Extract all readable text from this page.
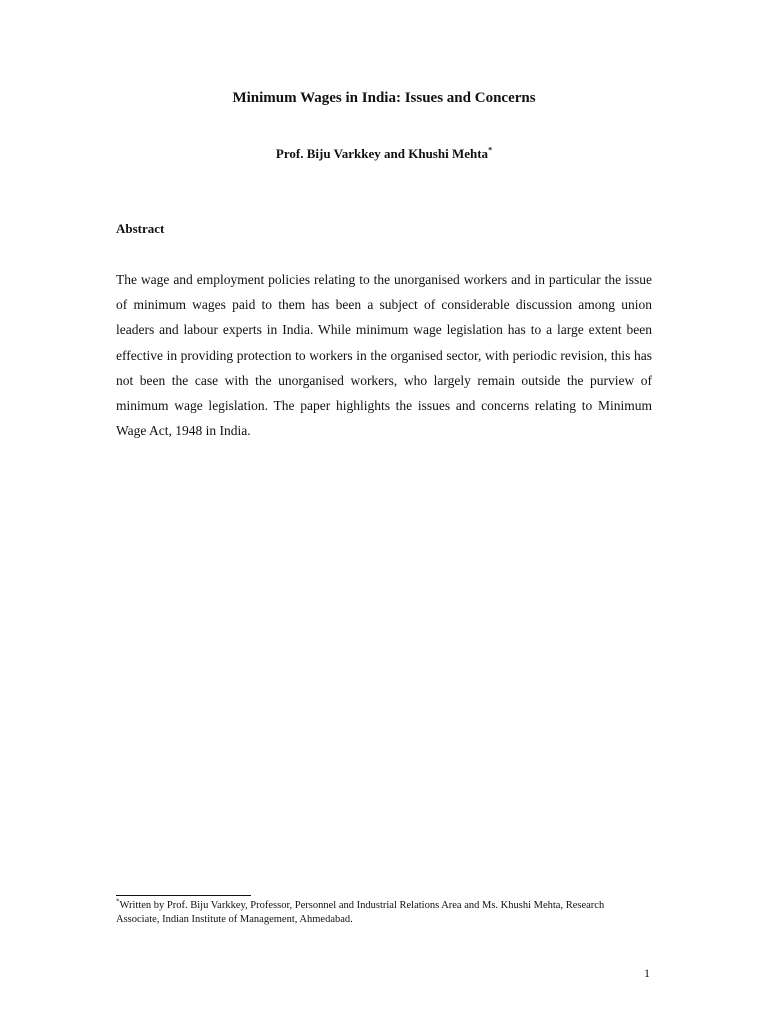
Minimum Wages in India: Issues and Concerns
Prof. Biju Varkkey and Khushi Mehta*
Abstract

The wage and employment policies relating to the unorganised workers and in particular the issue of minimum wages paid to them has been a subject of considerable discussion among union leaders and labour experts in India. While minimum wage legislation has to a large extent been effective in providing protection to workers in the organised sector, with periodic revision, this has not been the case with the unorganised workers, who largely remain outside the purview of minimum wage legislation. The paper highlights the issues and concerns relating to Minimum Wage Act, 1948 in India.

*Written by Prof. Biju Varkkey, Professor, Personnel and Industrial Relations Area and Ms. Khushi Mehta, Research Associate, Indian Institute of Management, Ahmedabad.

1
